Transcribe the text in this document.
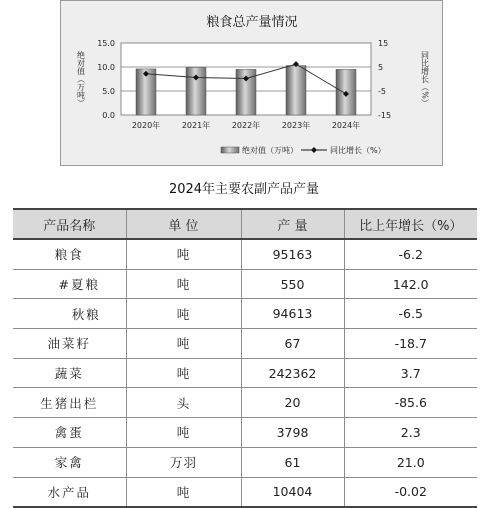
粮食总产量情况
15.0
10.0
5.0
0.0
15
5
-5
-15
绝对值（万吨）	同比增长（%）
2020年	2021年	2022年	2023年	2024年
绝对值（万吨）	同比增长（%）
2024年主要农副产品产量
产品名称	单 位	产 量	比上年增长（%）
粮食	吨	95163	-6.2
#夏粮	吨	550	142.0
秋粮	吨	94613	-6.5
油菜籽	吨	67	-18.7
蔬菜	吨	242362	3.7
生猪出栏	头	20	-85.6
禽蛋	吨	3798	2.3
家禽	万羽	61	21.0
水产品	吨	10404	-0.02
